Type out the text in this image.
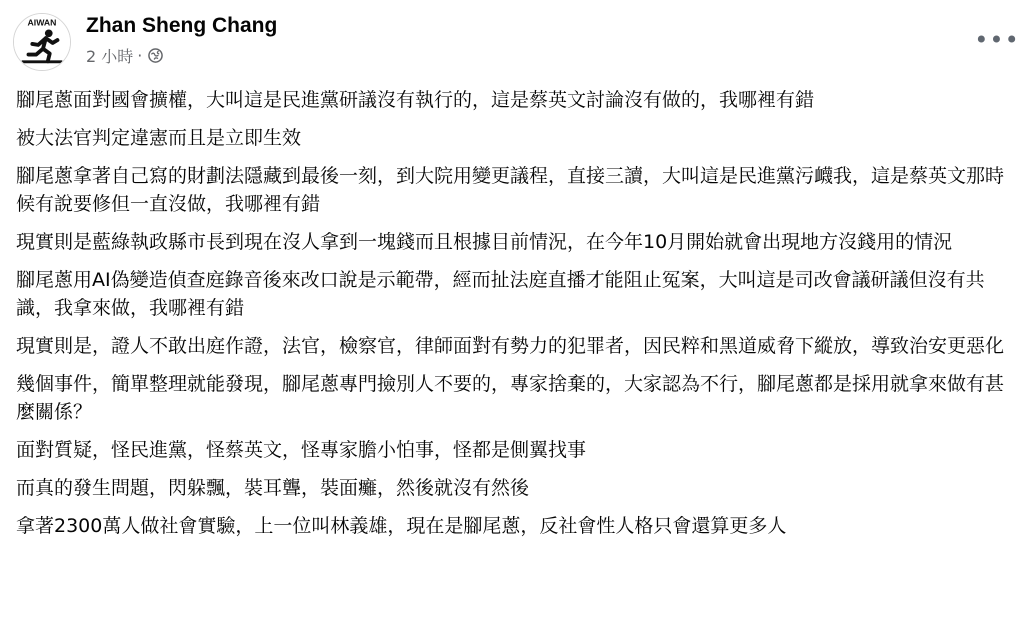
AIWAN Zhan Sheng Chang
2 小時 ·
•••

腳尾蔥面對國會擴權，大叫這是民進黨研議沒有執行的，這是蔡英文討論沒有做的，我哪裡有錯

被大法官判定違憲而且是立即生效

腳尾蔥拿著自己寫的財劃法隱藏到最後一刻，到大院用變更議程，直接三讀，大叫這是民進黨污衊我，這是蔡英文那時候有說要修但一直沒做，我哪裡有錯

現實則是藍綠執政縣市長到現在沒人拿到一塊錢而且根據目前情況，在今年10月開始就會出現地方沒錢用的情況

腳尾蔥用AI偽變造偵查庭錄音後來改口說是示範帶，經而扯法庭直播才能阻止冤案，大叫這是司改會議研議但沒有共識，我拿來做，我哪裡有錯

現實則是，證人不敢出庭作證，法官，檢察官，律師面對有勢力的犯罪者，因民粹和黑道威脅下縱放，導致治安更惡化

幾個事件，簡單整理就能發現，腳尾蔥專門撿別人不要的，專家捨棄的，大家認為不行，腳尾蔥都是採用就拿來做有甚麼關係？

面對質疑，怪民進黨，怪蔡英文，怪專家膽小怕事，怪都是側翼找事

而真的發生問題，閃躲飄，裝耳聾，裝面癱，然後就沒有然後

拿著2300萬人做社會實驗，上一位叫林義雄，現在是腳尾蔥，反社會性人格只會還算更多人
